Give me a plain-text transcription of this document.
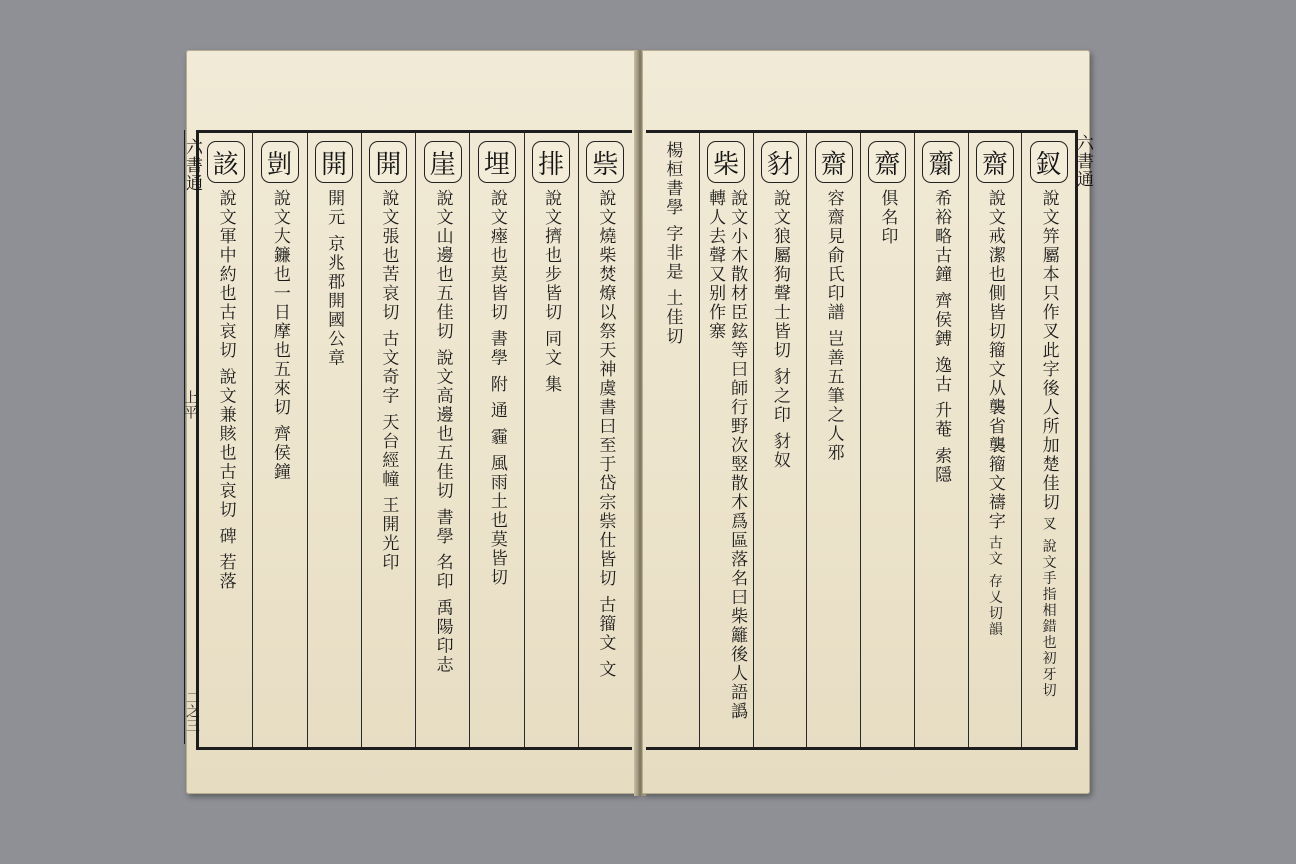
祡
說文燒柴焚燎以祭天神虞書曰至于岱宗祡仕皆切 古籀文 文
排
說文擠也步皆切 同文 集
埋
說文瘞也莫皆切 書學 附 通 霾 風雨土也莫皆切
崖
說文山邊也五佳切 說文高邊也五佳切 書學 名印 禹陽印志
開
說文張也苦哀切 古文奇字 天台經幢 王開光印
開
開元 京兆郡開國公章
剴
說文大鐮也一日摩也五來切 齊侯鐘
該
說文軍中約也古哀切 說文兼賅也古哀切 碑 若落
六書通
上平
二之三
釵
說文笄屬本只作叉此字後人所加楚佳切
叉 說文手指相錯也初牙切
齋
說文戒潔也側皆切籀文从襲省襲籀文禱字
古文 存乂切韻
𪗋
希裕略古鐘 齊侯鎛 逸古 升菴 索隱
齋
俱名印
齋
容齋見俞氏印譜 岂善五筆之人邪
豺
說文狼屬狗聲士皆切 豺之印 豺奴
柴
說文小木散材臣鉉等曰師行野次竪散木爲區落名曰柴籬後人語譌轉人去聲又别作寨
楊桓書學 字非是 土佳切	六書通
